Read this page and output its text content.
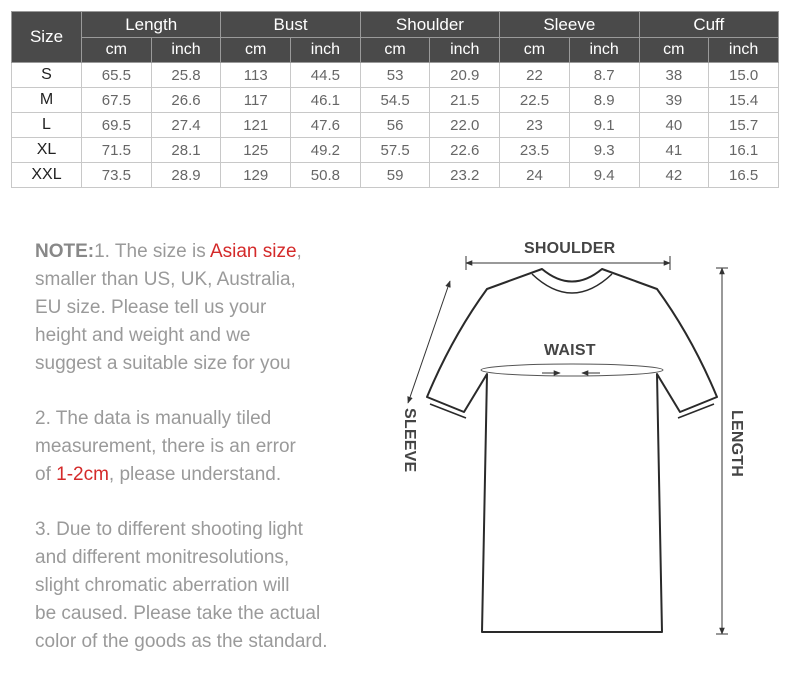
Size	Length		Bust		Shoulder		Sleeve		Cuff	
	cm	inch	cm	inch	cm	inch	cm	inch	cm	inch
S	65.5	25.8	113	44.5	53	20.9	22	8.7	38	15.0
M	67.5	26.6	117	46.1	54.5	21.5	22.5	8.9	39	15.4
L	69.5	27.4	121	47.6	56	22.0	23	9.1	40	15.7
XL	71.5	28.1	125	49.2	57.5	22.6	23.5	9.3	41	16.1
XXL	73.5	28.9	129	50.8	59	23.2	24	9.4	42	16.5

NOTE:1. The size is Asian size,
smaller than US, UK, Australia,
EU size. Please tell us your
height and weight and we
suggest a suitable size for you

2. The data is manually tiled
measurement, there is an error
of 1-2cm, please understand.

3. Due to different shooting light
and different monitresolutions,
slight chromatic aberration will
be caused. Please take the actual
color of the goods as the standard.

SHOULDER
WAIST
SLEEVE	LENGTH
